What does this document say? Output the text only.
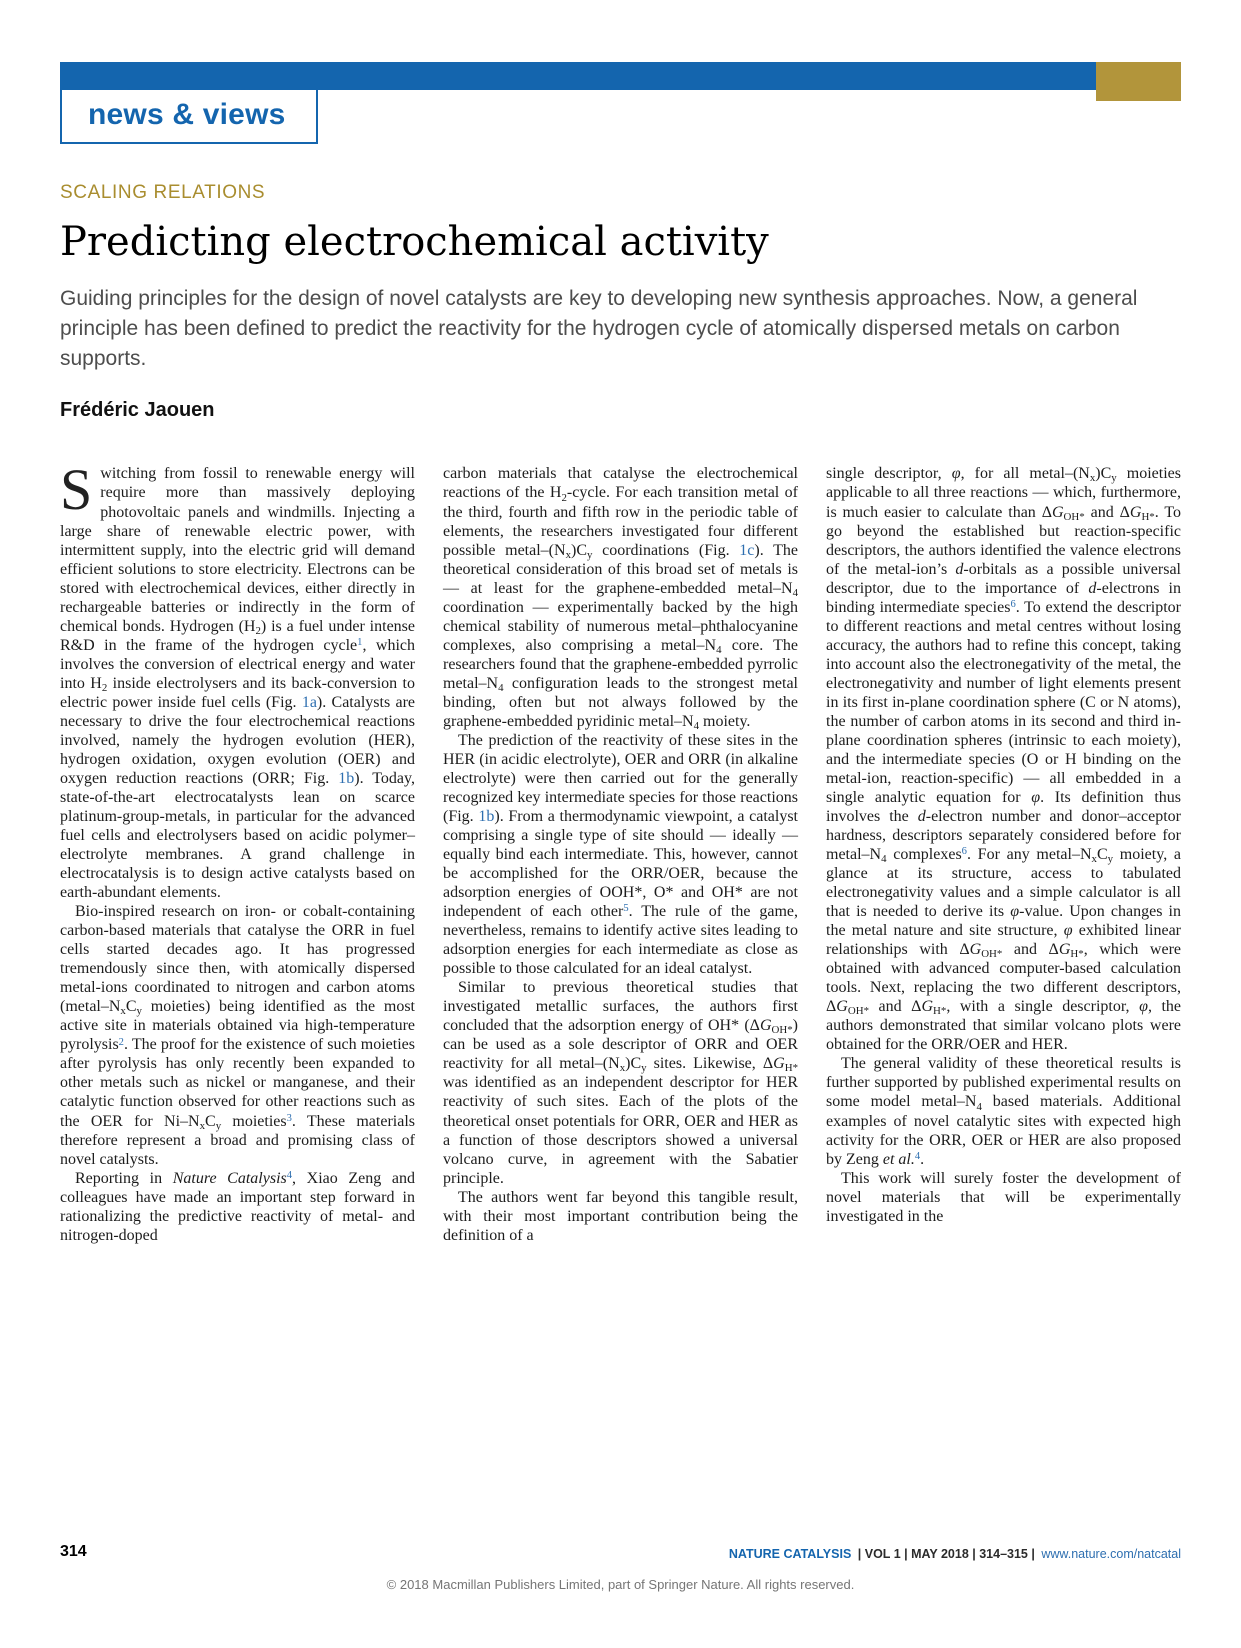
news & views
SCALING RELATIONS
Predicting electrochemical activity

Guiding principles for the design of novel catalysts are key to developing new synthesis approaches. Now, a general principle has been defined to predict the reactivity for the hydrogen cycle of atomically dispersed metals on carbon supports.

Frédéric Jaouen

Switching from fossil to renewable energy will require more than massively deploying photovoltaic panels and windmills. Injecting a large share of renewable electric power, with intermittent supply, into the electric grid will demand efficient solutions to store electricity. Electrons can be stored with electrochemical devices, either directly in rechargeable batteries or indirectly in the form of chemical bonds. Hydrogen $(H_2)$ is a fuel under intense R&D in the frame of the hydrogen cycle$^1$, which involves the conversion of electrical energy and water into $H_2$ inside electrolysers and its back-conversion to electric power inside fuel cells (Fig. 1a). Catalysts are necessary to drive the four electrochemical reactions involved, namely the hydrogen evolution (HER), hydrogen oxidation, oxygen evolution (OER) and oxygen reduction reactions (ORR; Fig. 1b). Today, state-of-the-art electrocatalysts lean on scarce platinum-group-metals, in particular for the advanced fuel cells and electrolysers based on acidic polymer–electrolyte membranes. A grand challenge in electrocatalysis is to design active catalysts based on earth-abundant elements.

Bio-inspired research on iron- or cobalt-containing carbon-based materials that catalyse the ORR in fuel cells started decades ago. It has progressed tremendously since then, with atomically dispersed metal-ions coordinated to nitrogen and carbon atoms ($metal-N_xC_y$ moieties) being identified as the most active site in materials obtained via high-temperature pyrolysis$^2$. The proof for the existence of such moieties after pyrolysis has only recently been expanded to other metals such as nickel or manganese, and their catalytic function observed for other reactions such as the OER for $Ni-N_xC_y$ moieties$^3$. These materials therefore represent a broad and promising class of novel catalysts.

Reporting in Nature Catalysis$^4$, Xiao Zeng and colleagues have made an important step forward in rationalizing the predictive reactivity of metal- and nitrogen-doped

carbon materials that catalyse the electrochemical reactions of the $H_2$-cycle. For each transition metal of the third, fourth and fifth row in the periodic table of elements, the researchers investigated four different possible metal–$(N_x)C_y$ coordinations (Fig. 1c). The theoretical consideration of this broad set of metals is — at least for the graphene-embedded metal–$N_4$ coordination — experimentally backed by the high chemical stability of numerous metal–phthalocyanine complexes, also comprising a metal–$N_4$ core. The researchers found that the graphene-embedded pyrrolic metal–$N_4$ configuration leads to the strongest metal binding, often but not always followed by the graphene-embedded pyridinic metal–$N_4$ moiety.

The prediction of the reactivity of these sites in the HER (in acidic electrolyte), OER and ORR (in alkaline electrolyte) were then carried out for the generally recognized key intermediate species for those reactions (Fig. 1b). From a thermodynamic viewpoint, a catalyst comprising a single type of site should — ideally — equally bind each intermediate. This, however, cannot be accomplished for the ORR/OER, because the adsorption energies of OOH*, O* and OH* are not independent of each other$^5$. The rule of the game, nevertheless, remains to identify active sites leading to adsorption energies for each intermediate as close as possible to those calculated for an ideal catalyst.

Similar to previous theoretical studies that investigated metallic surfaces, the authors first concluded that the adsorption energy of OH* $(\Delta G_{OH*})$ can be used as a sole descriptor of ORR and OER reactivity for all metal–$(N_x)C_y$ sites. Likewise, $\Delta G_{H*}$ was identified as an independent descriptor for HER reactivity of such sites. Each of the plots of the theoretical onset potentials for ORR, OER and HER as a function of those descriptors showed a universal volcano curve, in agreement with the Sabatier principle.

The authors went far beyond this tangible result, with their most important contribution being the definition of a

single descriptor, φ, for all metal–$(N_x)C_y$ moieties applicable to all three reactions — which, furthermore, is much easier to calculate than $\Delta G_{OH*}$ and $\Delta G_{H*}$. To go beyond the established but reaction-specific descriptors, the authors identified the valence electrons of the metal-ion’s d-orbitals as a possible universal descriptor, due to the importance of d-electrons in binding intermediate species$^6$. To extend the descriptor to different reactions and metal centres without losing accuracy, the authors had to refine this concept, taking into account also the electronegativity of the metal, the electronegativity and number of light elements present in its first in-plane coordination sphere (C or N atoms), the number of carbon atoms in its second and third in-plane coordination spheres (intrinsic to each moiety), and the intermediate species (O or H binding on the metal-ion, reaction-specific) — all embedded in a single analytic equation for φ. Its definition thus involves the d-electron number and donor–acceptor hardness, descriptors separately considered before for metal–$N_4$ complexes$^6$. For any metal–$N_xC_y$ moiety, a glance at its structure, access to tabulated electronegativity values and a simple calculator is all that is needed to derive its φ-value. Upon changes in the metal nature and site structure, φ exhibited linear relationships with $\Delta G_{OH*}$ and $\Delta G_{H*}$, which were obtained with advanced computer-based calculation tools. Next, replacing the two different descriptors, $\Delta G_{OH*}$ and $\Delta G_{H*}$, with a single descriptor, φ, the authors demonstrated that similar volcano plots were obtained for the ORR/OER and HER.

The general validity of these theoretical results is further supported by published experimental results on some model metal–$N_4$ based materials. Additional examples of novel catalytic sites with expected high activity for the ORR, OER or HER are also proposed by Zeng et al.$^4$.

This work will surely foster the development of novel materials that will be experimentally investigated in the

314	NATURE CATALYSIS | VOL 1 | MAY 2018 | 314–315 | www.nature.com/natcatal
© 2018 Macmillan Publishers Limited, part of Springer Nature. All rights reserved.
